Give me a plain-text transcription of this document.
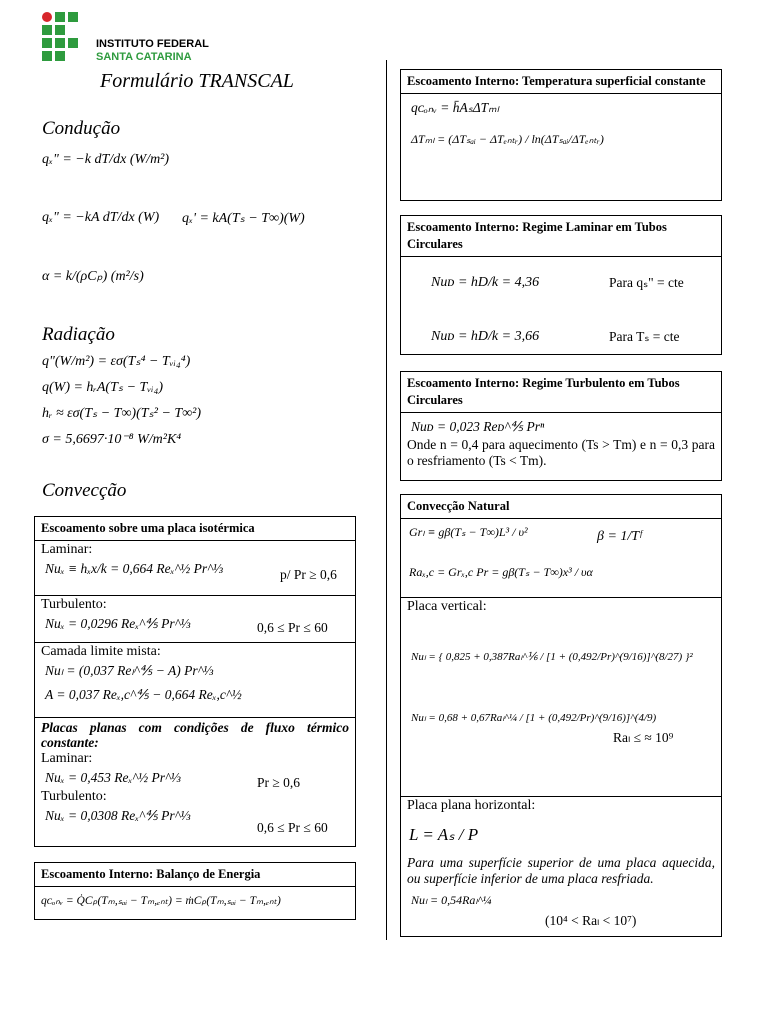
INSTITUTO FEDERAL
SANTA CATARINA
Formulário TRANSCAL
Condução
qₓ" = −k dT/dx (W/m²)
qₓ" = −kA dT/dx (W) qₓ' = kA(Tₛ − T∞)(W)
α = k/(ρCₚ) (m²/s)
Radiação
q"(W/m²) = εσ(Tₛ⁴ − Tᵥᵢ₄⁴)
q(W) = hᵣA(Tₛ − Tᵥᵢ₄)
hᵣ ≈ εσ(Tₛ − T∞)(Tₛ² − T∞²)
σ = 5,6697·10⁻⁸ W/m²K⁴
Convecção
Escoamento sobre uma placa isotérmica
Laminar:
Nuₓ ≡ hₓx/k = 0,664 Reₓ^½ Pr^⅓	p/ Pr ≥ 0,6
Turbulento:
Nuₓ = 0,0296 Reₓ^⅘ Pr^⅓	0,6 ≤ Pr ≤ 60
Camada limite mista:
Nuₗ = (0,037 Reₗ^⅘ − A) Pr^⅓
A = 0,037 Reₓ,c^⅘ − 0,664 Reₓ,c^½
Placas planas com condições de fluxo térmico constante:
Laminar:
Nuₓ = 0,453 Reₓ^½ Pr^⅓	Pr ≥ 0,6
Turbulento:
Nuₓ = 0,0308 Reₓ^⅘ Pr^⅓
0,6 ≤ Pr ≤ 60
Escoamento Interno: Balanço de Energia
qᴄₒₙᵥ = Q̇Cₚ(Tₘ,ₛₐᵢ − Tₘ,ₑₙₜ) = ṁCₚ(Tₘ,ₛₐᵢ − Tₘ,ₑₙₜ)
Escoamento Interno: Temperatura superficial constante
qᴄₒₙᵥ = h̄AₛΔTₘₗ
ΔTₘₗ = (ΔTₛₐᵢ − ΔTₑₙₜᵣ) / ln(ΔTₛₐᵢ/ΔTₑₙₜᵣ)
Escoamento Interno: Regime Laminar em Tubos Circulares
Nuᴅ = hD/k = 4,36	Para qₛ" = cte
Nuᴅ = hD/k = 3,66	Para Tₛ = cte
Escoamento Interno: Regime Turbulento em Tubos Circulares
Nuᴅ = 0,023 Reᴅ^⅘ Prⁿ
Onde n = 0,4 para aquecimento (Ts > Tm) e n = 0,3 para o resfriamento (Ts < Tm).
Convecção Natural
Grₗ ≡ gβ(Tₛ − T∞)L³ / υ²	β = 1/Tᶠ
Raₓ,c = Grₓ,c Pr = gβ(Tₛ − T∞)x³ / υα
Placa vertical:
Nuₗ = { 0,825 + 0,387Raₗ^⅙ / [1 + (0,492/Pr)^(9/16)]^(8/27) }²
Nuₗ = 0,68 + 0,67Raₗ^¼ / [1 + (0,492/Pr)^(9/16)]^(4/9)
Raₗ ≤ ≈ 10⁹
Placa plana horizontal:
L = Aₛ / P
Para uma superfície superior de uma placa aquecida, ou superfície inferior de uma placa resfriada.
Nuₗ = 0,54Raₗ^¼
(10⁴ < Raₗ < 10⁷)
